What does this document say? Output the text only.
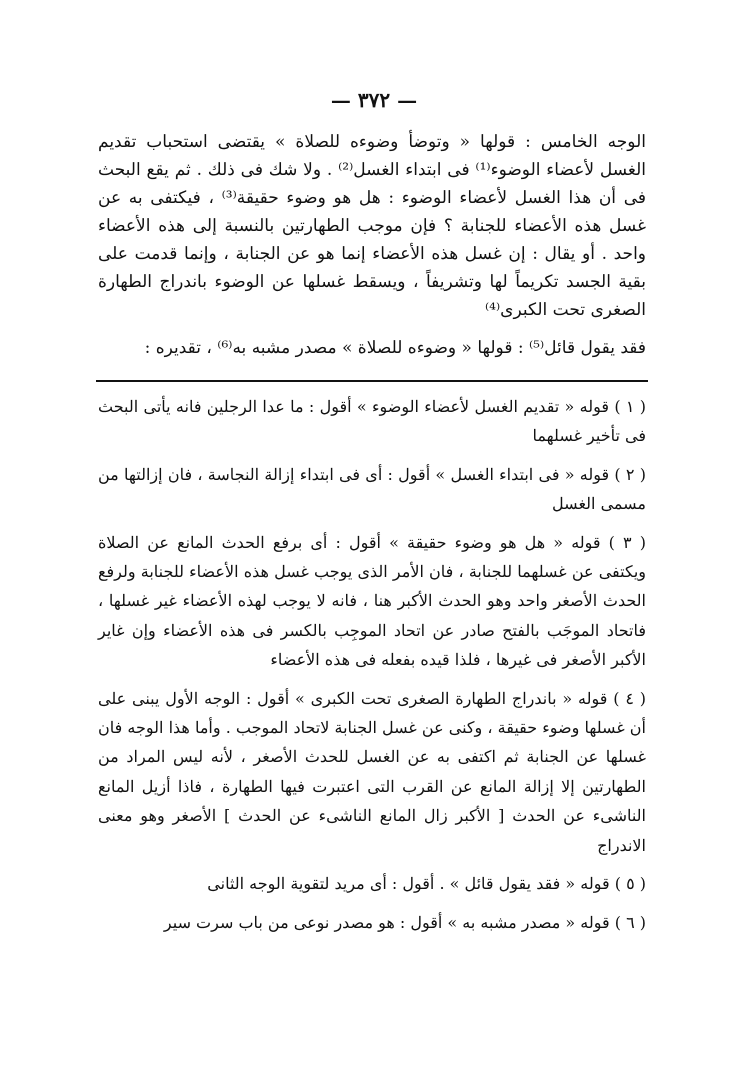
— ٣٧٢ —

الوجه الخامس : قولها « وتوضأ وضوءه للصلاة » يقتضى استحباب تقديم الغسل لأعضاء الوضوء⁽¹⁾ فى ابتداء الغسل⁽²⁾ . ولا شك فى ذلك . ثم يقع البحث فى أن هذا الغسل لأعضاء الوضوء : هل هو وضوء حقيقة⁽³⁾ ، فيكتفى به عن غسل هذه الأعضاء للجنابة ؟ فإن موجب الطهارتين بالنسبة إلى هذه الأعضاء واحد . أو يقال : إن غسل هذه الأعضاء إنما هو عن الجنابة ، وإنما قدمت على بقية الجسد تكريماً لها وتشريفاً ، ويسقط غسلها عن الوضوء باندراج الطهارة الصغرى تحت الكبرى⁽⁴⁾

فقد يقول قائل⁽⁵⁾ : قولها « وضوءه للصلاة » مصدر مشبه به⁽⁶⁾ ، تقديره :

( ١ ) قوله « تقديم الغسل لأعضاء الوضوء » أقول : ما عدا الرجلين فانه يأتى البحث فى تأخير غسلهما

( ٢ ) قوله « فى ابتداء الغسل » أقول : أى فى ابتداء إزالة النجاسة ، فان إزالتها من مسمى الغسل

( ٣ ) قوله « هل هو وضوء حقيقة » أقول : أى برفع الحدث المانع عن الصلاة ويكتفى عن غسلهما للجنابة ، فان الأمر الذى يوجب غسل هذه الأعضاء للجنابة ولرفع الحدث الأصغر واحد وهو الحدث الأكبر هنا ، فانه لا يوجب لهذه الأعضاء غير غسلها ، فاتحاد الموجَب بالفتح صادر عن اتحاد الموجِب بالكسر فى هذه الأعضاء وإن غاير الأكبر الأصغر فى غيرها ، فلذا قيده بفعله فى هذه الأعضاء

( ٤ ) قوله « باندراج الطهارة الصغرى تحت الكبرى » أقول : الوجه الأول يبنى على أن غسلها وضوء حقيقة ، وكنى عن غسل الجنابة لاتحاد الموجب . وأما هذا الوجه فان غسلها عن الجنابة ثم اكتفى به عن الغسل للحدث الأصغر ، لأنه ليس المراد من الطهارتين إلا إزالة المانع عن القرب التى اعتبرت فيها الطهارة ، فاذا أزيل المانع الناشىء عن الحدث [ الأكبر زال المانع الناشىء عن الحدث ] الأصغر وهو معنى الاندراج

( ٥ ) قوله « فقد يقول قائل » . أقول : أى مريد لتقوية الوجه الثانى

( ٦ ) قوله « مصدر مشبه به » أقول : هو مصدر نوعى من باب سرت سير
